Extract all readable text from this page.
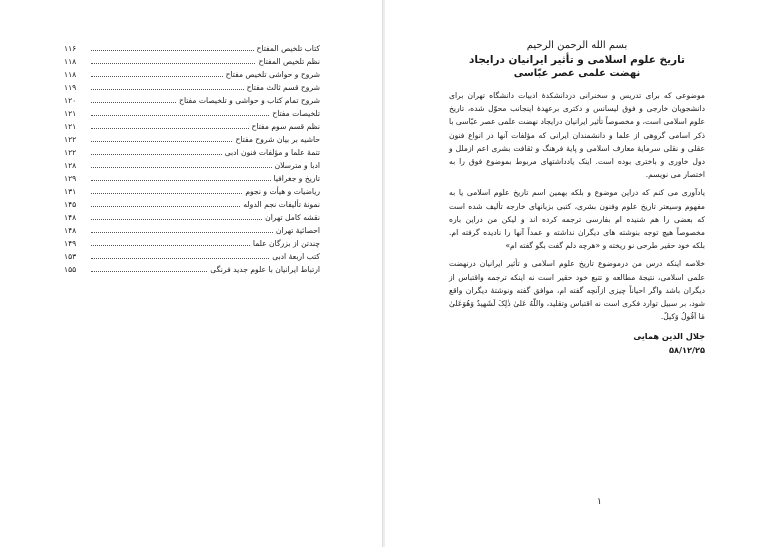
کتاب تلخیص المفتاح
۱۱۶
نظم تلخیص المفتاح
۱۱۸
شروح و حواشی تلخیص مفتاح
۱۱۸
شروح قسم ثالث مفتاح
۱۱۹
شروح تمام کتاب و حواشی و تلخیصات مفتاح
۱۲۰
تلخیصات مفتاح
۱۲۱
نظم قسم سوم مفتاح
۱۲۱
حاشیه بر بیان شروح مفتاح
۱۲۲
تتمهٔ علما و مؤلفات فنون ادبی
۱۲۲
ادبا و مترسلان
۱۲۸
تاریخ و جغرافیا
۱۲۹
ریاضیات و هیأت و نجوم
۱۳۱
نمونهٔ تألیفات نجم الدوله
۱۴۵
نقشه کامل تهران
۱۴۸
احصائیهٔ تهران
۱۴۸
چندتن از بزرگان علما
۱۴۹
کتب اربعهٔ ادبی
۱۵۳
ارتباط ایرانیان با علوم جدید فرنگی
۱۵۵
بسم الله الرحمن الرحیم
تاریخ علوم اسلامی و تأثیر ایرانیان درایجاد
نهضت علمی عصر عبّاسی
موضوعی که برای تدریس و سخنرانی دردانشکدهٔ ادبیات دانشگاه تهران برای دانشجویان خارجی و فوق لیسانس و دکتری برعهدهٔ اینجانب محوّل شده، تاریخ علوم اسلامی است، و مخصوصاً تأثیر ایرانیان درایجاد نهضت علمی عصر عبّاسی با ذکر اسامی گروهی از علما و دانشمندان ایرانی که مؤلفات آنها در انواع فنون عقلی و نقلی سرمایهٔ معارف اسلامی و پایهٔ فرهنگ و ثقافت بشری اعم ازملل و دول خاوری و باختری بوده است. اینک یادداشتهای مربوط بموضوع فوق را به اختصار می نویسم.
یادآوری می کنم که دراین موضوع و بلکه بهمین اسم تاریخ علوم اسلامی یا به مفهوم وسیعتر تاریخ علوم وفنون بشری، کتبی بزبانهای خارجه تألیف شده است که بعضی را هم شنیده ام بفارسی ترجمه کرده اند و لیکن من دراین باره مخصوصاً هیچ توجه بنوشته های دیگران نداشته و عمداً آنها را نادیده گرفته ام. بلکه خود حقیر طرحی نو ریخته و «هرچه دلم گفت بگو گفته ام»
خلاصه اینکه درس من درموضوع تاریخ علوم اسلامی و تأثیر ایرانیان درنهضت علمی اسلامی، نتیجهٔ مطالعه و تتبع خود حقیر است نه اینکه ترجمه واقتباس از دیگران باشد واگر احیاناً چیزی ازآنچه گفته ام، موافق گفته ونوشتهٔ دیگران واقع شود، بر سبیل توارد فکری است نه اقتباس وتقلید، واللّهُ عَلیٰ ذٰلِکَ لَشَهیدٌ وَهُوَعَلیٰ مٰا اَقُولُ وَکیلٌ.
جلال الدین همایی
۵۸/۱۲/۲۵
۱
